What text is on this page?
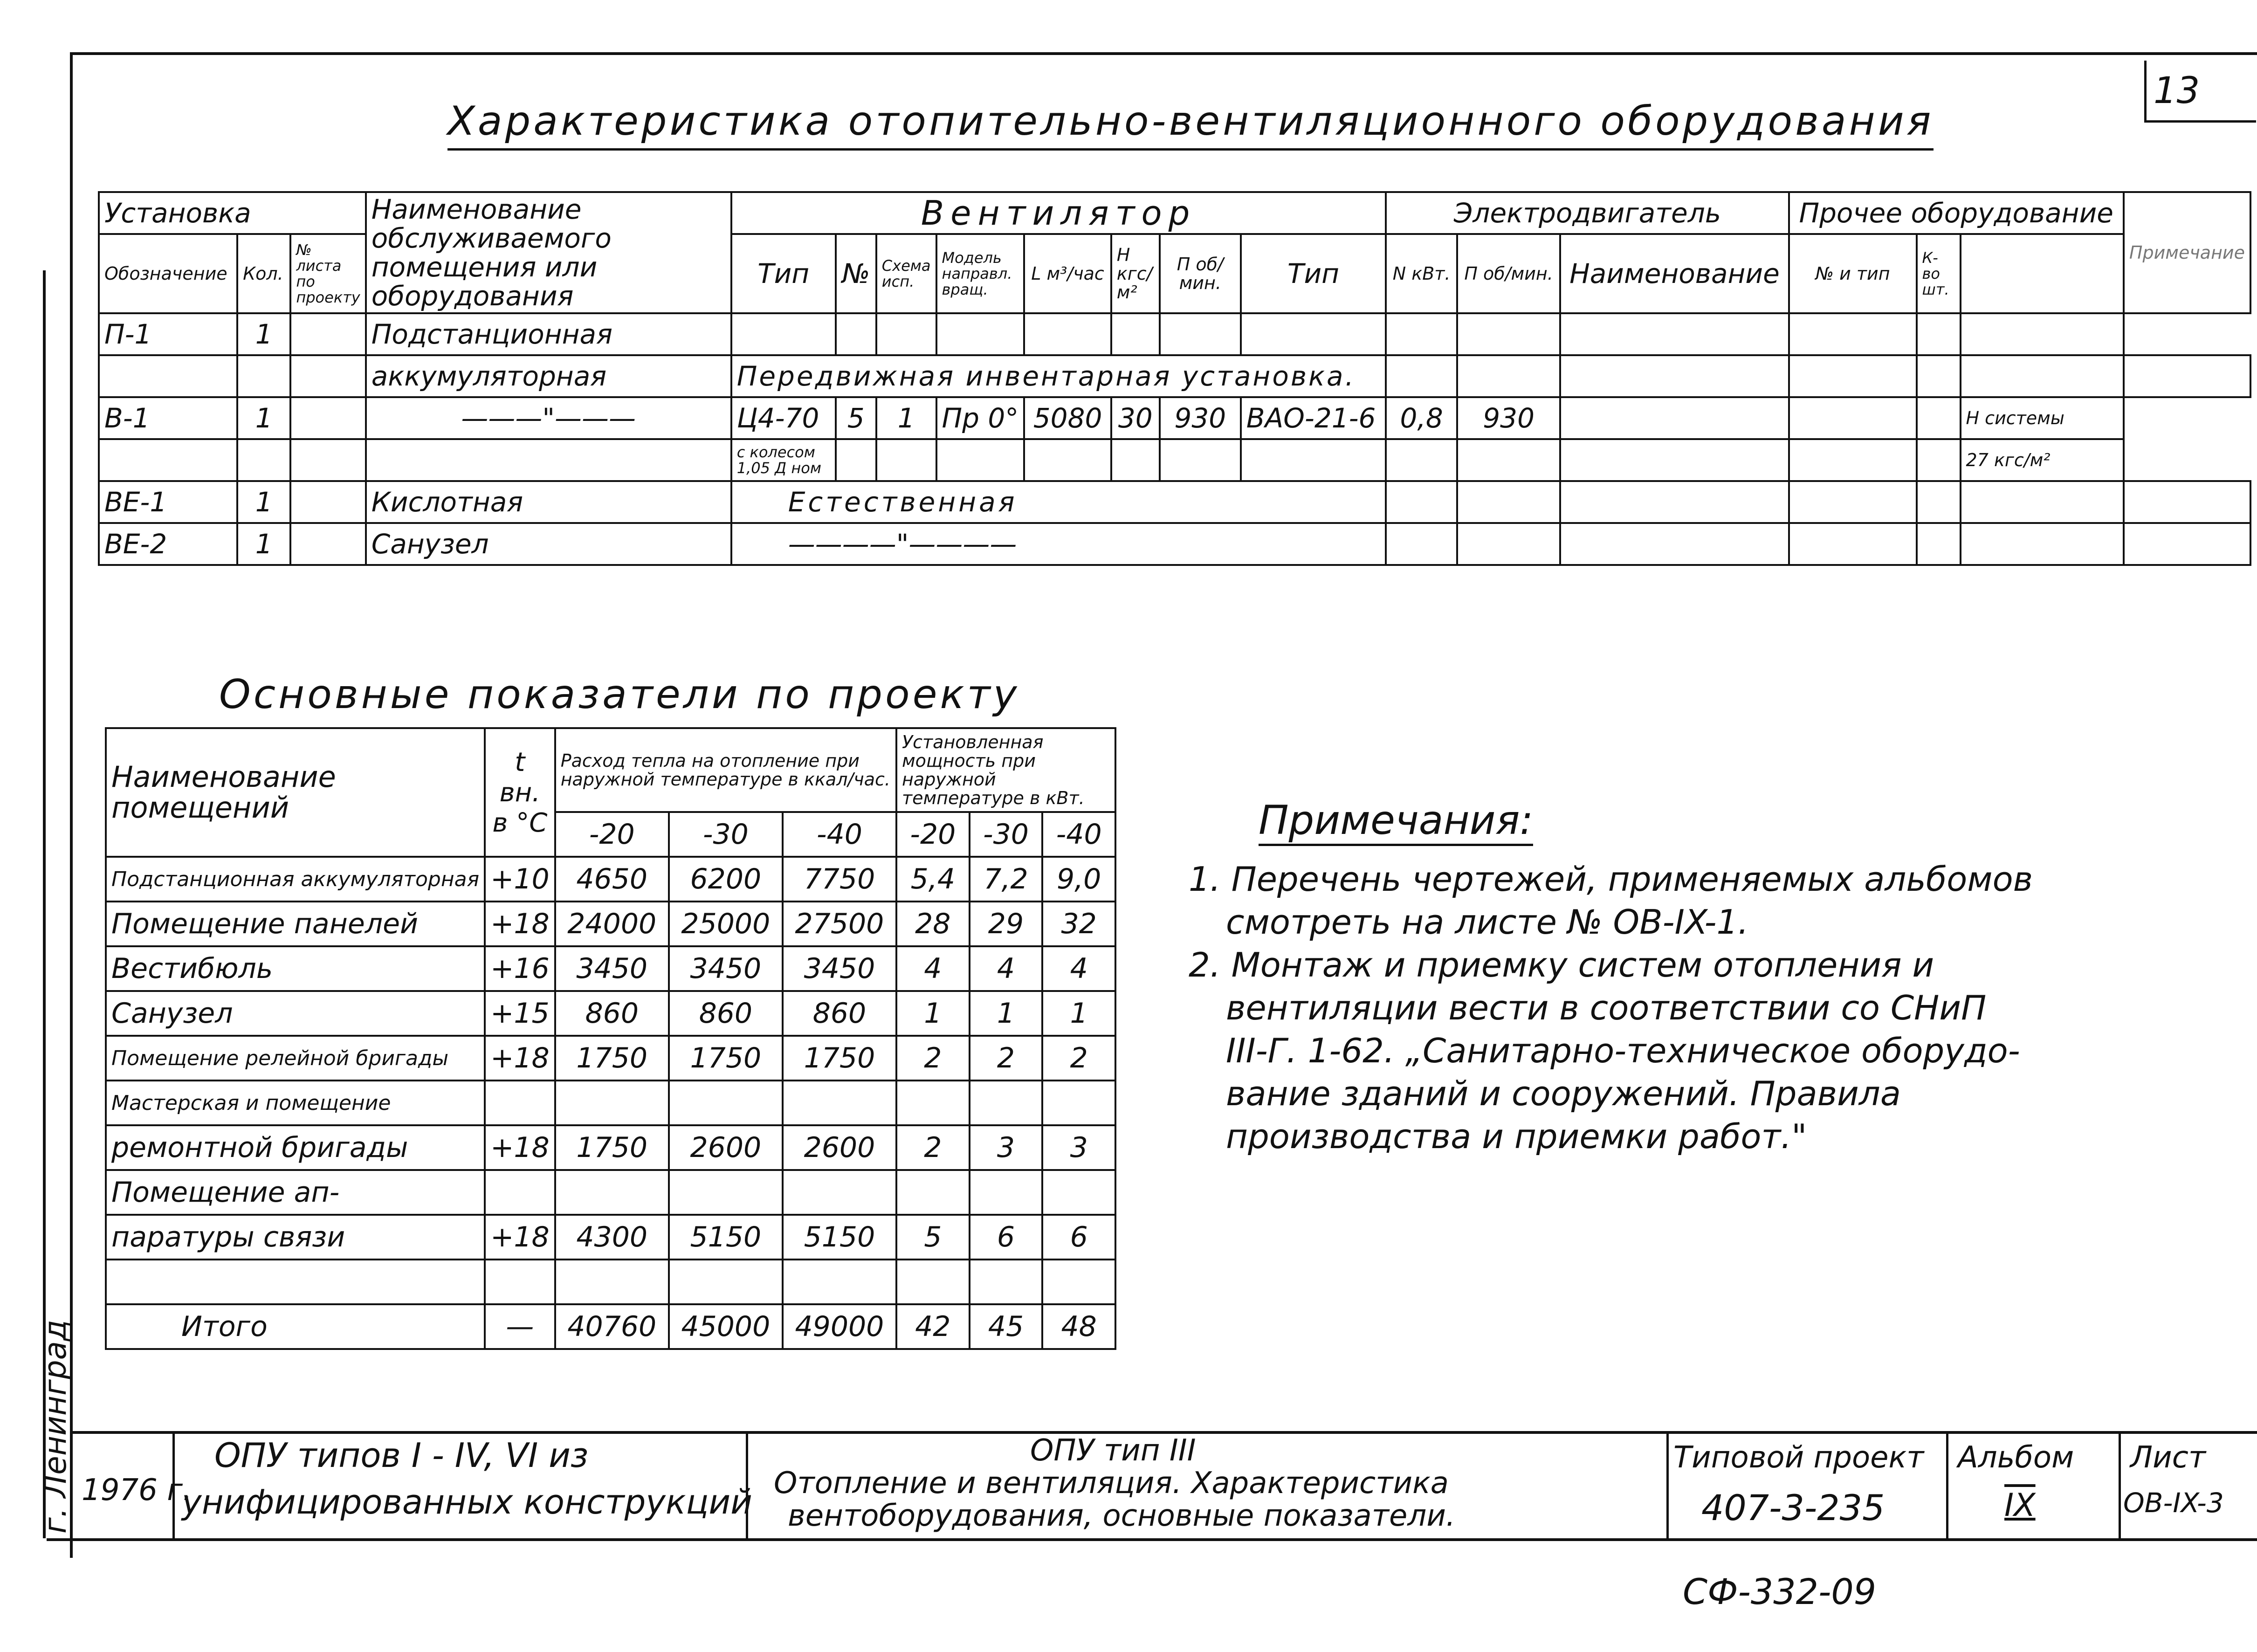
13
Характеристика отопительно-вентиляционного оборудования
Установка			Наименование обслуживаемого помещения или оборудования	Вентилятор								Электродвигатель			Прочее оборудование			Примечание
Обозначение	Кол.	№ листа по проекту		Тип	№	Схема исп.	Модель направл. вращ.	L м³/час	H кгс/м²	П об/мин.	Тип	N кВт.	П об/мин.	Наименование	№ и тип	К-во шт.		
П-1	1		Подстанционная															
			аккумуляторная	Передвижная инвентарная установка.														
В-1	1		———"———	Ц4-70	5	1	Пр 0°	5080	30	930	ВАО-21-6	0,8	930				H системы	
				с колесом 1,05 Д ном													27 кгс/м²	
ВЕ-1	1		Кислотная	Естественная														
ВЕ-2	1		Санузел	————"————														
Основные показатели по проекту
Наименование помещений	t вн. в °C	Расход тепла на отопление при наружной температуре в ккал/час.			Установленная мощность при наружной температуре в кВт.		
		-20	-30	-40	-20	-30	-40
Подстанционная аккумуляторная	+10	4650	6200	7750	5,4	7,2	9,0
Помещение панелей	+18	24000	25000	27500	28	29	32
Вестибюль	+16	3450	3450	3450	4	4	4
Санузел	+15	860	860	860	1	1	1
Помещение релейной бригады	+18	1750	1750	1750	2	2	2
Мастерская и помещение							
ремонтной бригады	+18	1750	2600	2600	2	3	3
Помещение ап-							
паратуры связи	+18	4300	5150	5150	5	6	6

Итого	—	40760	45000	49000	42	45	48
Примечания:
1. Перечень чертежей, применяемых альбомов
смотреть на листе № ОВ-IX-1.
2. Монтаж и приемку систем отопления и
вентиляции вести в соответствии со СНиП
III-Г. 1-62. „Санитарно-техническое оборудо-
вание зданий и сооружений. Правила
производства и приемки работ."
г. Ленинград 1976 г.
ОПУ типов I - IV, VI из
унифицированных конструкций
ОПУ тип III
Отопление и вентиляция. Характеристика
вентоборудования, основные показатели.
Типовой проект
407-3-235
Альбом
IX
Лист
ОВ-IX-3
СФ-332-09
